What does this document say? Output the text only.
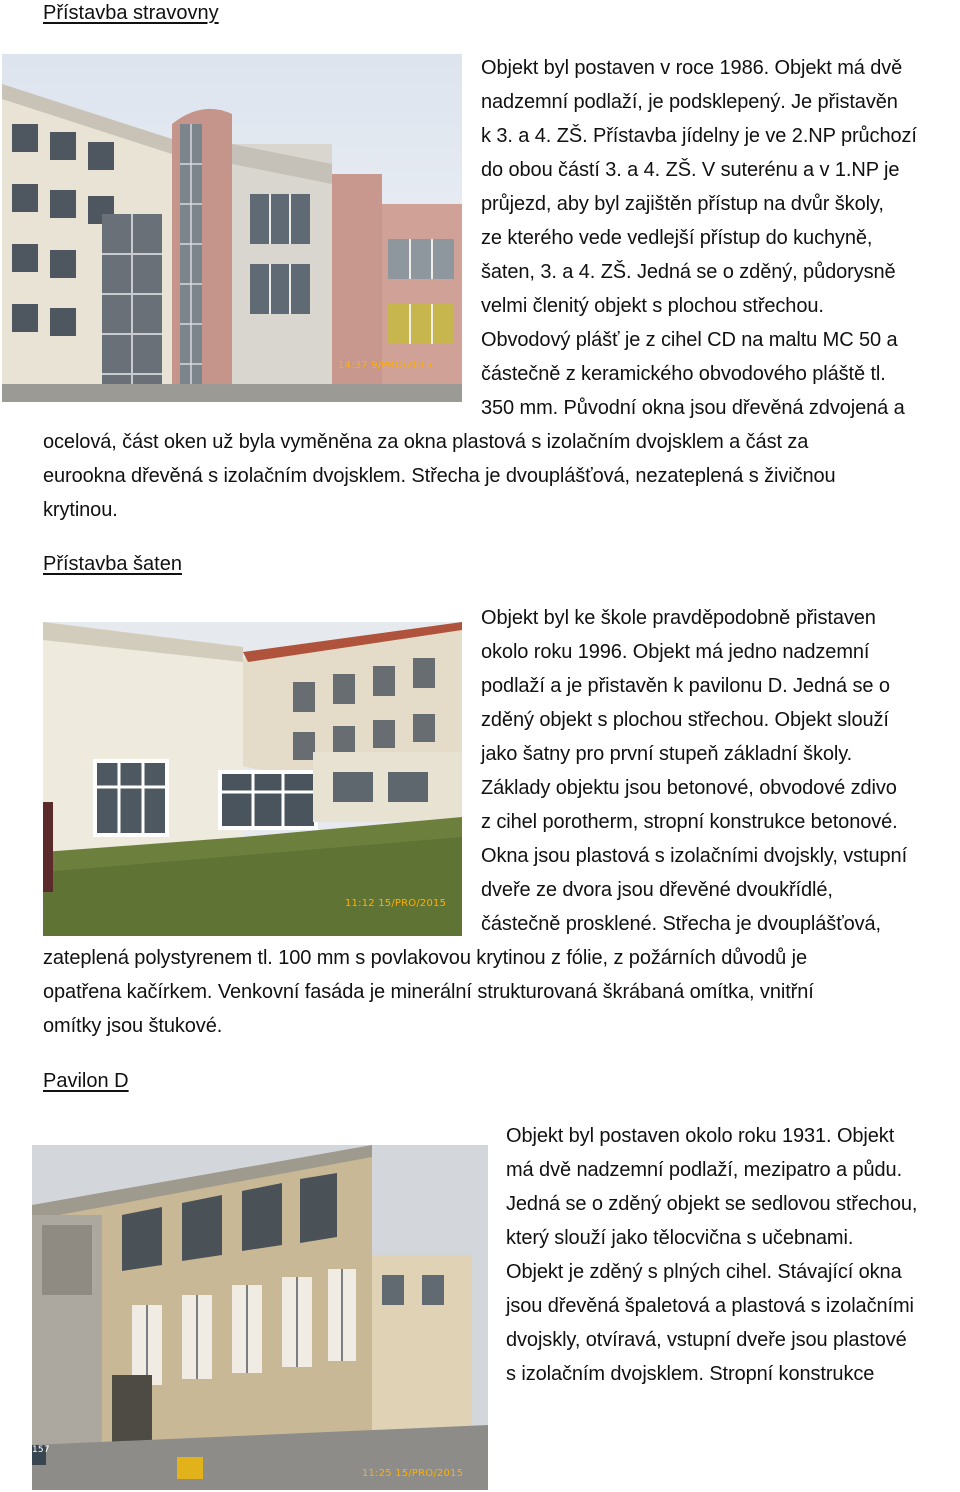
Přístavba stravovny
14:37 9/PRO/2015
Objekt byl postaven v roce 1986. Objekt má dvě
nadzemní podlaží, je podsklepený. Je přistavěn
k 3. a 4. ZŠ. Přístavba jídelny je ve 2.NP průchozí
do obou částí 3. a 4. ZŠ. V suterénu a v 1.NP je
průjezd, aby byl zajištěn přístup na dvůr školy,
ze kterého vede vedlejší přístup do kuchyně,
šaten, 3. a 4. ZŠ. Jedná se o zděný, půdorysně
velmi členitý objekt s plochou střechou.
Obvodový plášť je z cihel CD na maltu MC 50 a
částečně z keramického obvodového pláště tl.
350 mm. Původní okna jsou dřevěná zdvojená a
ocelová, část oken už byla vyměněna za okna plastová s izolačním dvojsklem a část za
eurookna dřevěná s izolačním dvojsklem. Střecha je dvouplášťová, nezateplená s živičnou
krytinou.
Přístavba šaten
11:12 15/PRO/2015
Objekt byl ke škole pravděpodobně přistaven
okolo roku 1996. Objekt má jedno nadzemní
podlaží a je přistavěn k pavilonu D. Jedná se o
zděný objekt s plochou střechou. Objekt slouží
jako šatny pro první stupeň základní školy.
Základy objektu jsou betonové, obvodové zdivo
z cihel porotherm, stropní konstrukce betonové.
Okna jsou plastová s izolačními dvojskly, vstupní
dveře ze dvora jsou dřevěné dvoukřídlé,
částečně prosklené. Střecha je dvouplášťová,
zateplená polystyrenem tl. 100 mm s povlakovou krytinou z fólie, z požárních důvodů je
opatřena kačírkem. Venkovní fasáda je minerální strukturovaná škrábaná omítka, vnitřní
omítky jsou štukové.
Pavilon D
157
11:25 15/PRO/2015
Objekt byl postaven okolo roku 1931. Objekt
má dvě nadzemní podlaží, mezipatro a půdu.
Jedná se o zděný objekt se sedlovou střechou,
který slouží jako tělocvična s učebnami.
Objekt je zděný s plných cihel. Stávající okna
jsou dřevěná špaletová a plastová s izolačními
dvojskly, otvíravá, vstupní dveře jsou plastové
s izolačním dvojsklem. Stropní konstrukce
